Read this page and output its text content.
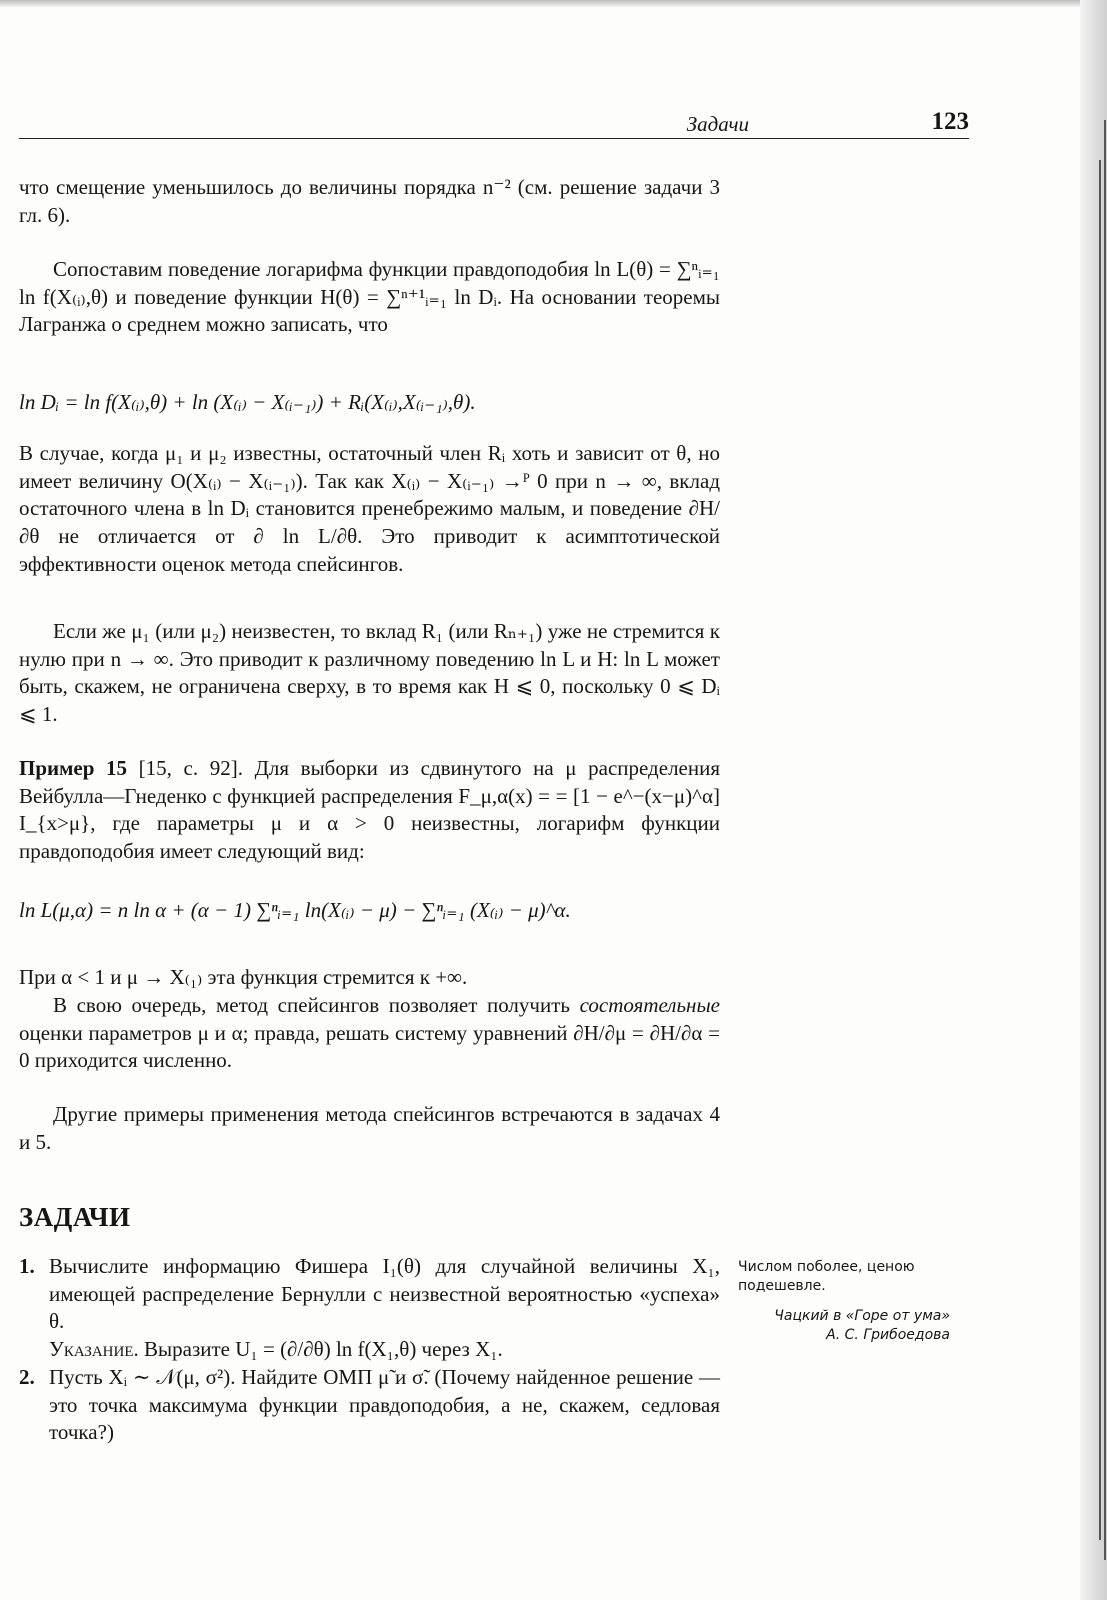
Задачи	123

что смещение уменьшилось до величины порядка n⁻² (см. решение задачи 3 гл. 6).

Сопоставим поведение логарифма функции правдоподобия ln L(θ) = ∑ⁿᵢ₌₁ ln f(X₍ᵢ₎,θ) и поведение функции H(θ) = ∑ⁿ⁺¹ᵢ₌₁ ln Dᵢ. На основании теоремы Лагранжа о среднем можно записать, что

ln Dᵢ = ln f(X₍ᵢ₎,θ) + ln (X₍ᵢ₎ − X₍ᵢ₋₁₎) + Rᵢ(X₍ᵢ₎,X₍ᵢ₋₁₎,θ).

В случае, когда μ₁ и μ₂ известны, остаточный член Rᵢ хоть и зависит от θ, но имеет величину O(X₍ᵢ₎ − X₍ᵢ₋₁₎). Так как X₍ᵢ₎ − X₍ᵢ₋₁₎ →ᴾ 0 при n → ∞, вклад остаточного члена в ln Dᵢ становится пренебрежимо малым, и поведение ∂H/∂θ не отличается от ∂ ln L/∂θ. Это приводит к асимптотической эффективности оценок метода спейсингов.

Если же μ₁ (или μ₂) неизвестен, то вклад R₁ (или Rₙ₊₁) уже не стремится к нулю при n → ∞. Это приводит к различному поведению ln L и H: ln L может быть, скажем, не ограничена сверху, в то время как H ⩽ 0, поскольку 0 ⩽ Dᵢ ⩽ 1.

Пример 15 [15, с. 92]. Для выборки из сдвинутого на μ распределения Вейбулла—Гнеденко с функцией распределения F_μ,α(x) = = [1 − e^−(x−μ)^α] I_{x>μ}, где параметры μ и α > 0 неизвестны, логарифм функции правдоподобия имеет следующий вид:

ln L(μ,α) = n ln α + (α − 1) ∑ⁿᵢ₌₁ ln(X₍ᵢ₎ − μ) − ∑ⁿᵢ₌₁ (X₍ᵢ₎ − μ)^α.

При α < 1 и μ → X₍₁₎ эта функция стремится к +∞.

В свою очередь, метод спейсингов позволяет получить состоятельные оценки параметров μ и α; правда, решать систему уравнений ∂H/∂μ = ∂H/∂α = 0 приходится численно.

Другие примеры применения метода спейсингов встречаются в задачах 4 и 5.

ЗАДАЧИ
1. Вычислите информацию Фишера I₁(θ) для случайной величины X₁, имеющей распределение Бернулли с неизвестной вероятностью «успеха» θ.
Указание. Выразите U₁ = (∂/∂θ) ln f(X₁,θ) через X₁.
2. Пусть Xᵢ ∼ 𝒩(μ, σ²). Найдите ОМП μ̃ и σ̃. (Почему найденное решение — это точка максимума функции правдоподобия, а не, скажем, седловая точка?)
Числом поболее, ценою подешевле.
Чацкий в «Горе от ума»
А. С. Грибоедова
